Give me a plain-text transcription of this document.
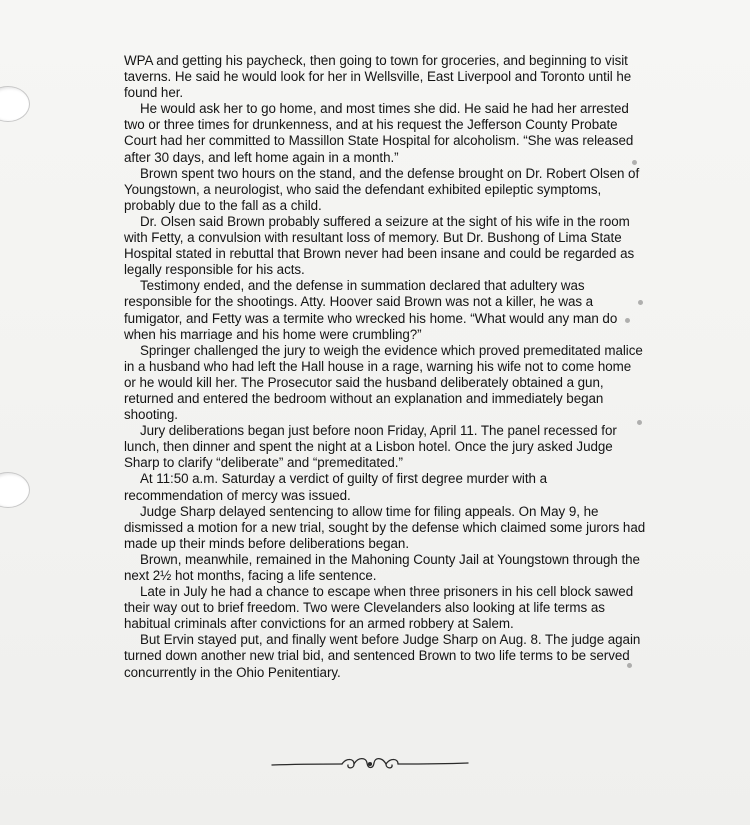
WPA and getting his paycheck, then going to town for groceries, and beginning to visit taverns. He said he would look for her in Wellsville, East Liverpool and Toronto until he found her.

He would ask her to go home, and most times she did. He said he had her arrested two or three times for drunkenness, and at his request the Jefferson County Probate Court had her committed to Massillon State Hospital for alcoholism. “She was released after 30 days, and left home again in a month.”

Brown spent two hours on the stand, and the defense brought on Dr. Robert Olsen of Youngstown, a neurologist, who said the defendant exhibited epileptic symptoms, probably due to the fall as a child.

Dr. Olsen said Brown probably suffered a seizure at the sight of his wife in the room with Fetty, a convulsion with resultant loss of memory. But Dr. Bushong of Lima State Hospital stated in rebuttal that Brown never had been insane and could be regarded as legally responsible for his acts.

Testimony ended, and the defense in summation declared that adultery was responsible for the shootings. Atty. Hoover said Brown was not a killer, he was a fumigator, and Fetty was a termite who wrecked his home. “What would any man do when his marriage and his home were crumbling?”

Springer challenged the jury to weigh the evidence which proved premeditated malice in a husband who had left the Hall house in a rage, warning his wife not to come home or he would kill her. The Prosecutor said the husband deliberately obtained a gun, returned and entered the bedroom without an explanation and immediately began shooting.

Jury deliberations began just before noon Friday, April 11. The panel recessed for lunch, then dinner and spent the night at a Lisbon hotel. Once the jury asked Judge Sharp to clarify “deliberate” and “premeditated.”

At 11:50 a.m. Saturday a verdict of guilty of first degree murder with a recommendation of mercy was issued.

Judge Sharp delayed sentencing to allow time for filing appeals. On May 9, he dismissed a motion for a new trial, sought by the defense which claimed some jurors had made up their minds before deliberations began.

Brown, meanwhile, remained in the Mahoning County Jail at Youngstown through the next 2½ hot months, facing a life sentence.

Late in July he had a chance to escape when three prisoners in his cell block sawed their way out to brief freedom. Two were Clevelanders also looking at life terms as habitual criminals after convictions for an armed robbery at Salem.

But Ervin stayed put, and finally went before Judge Sharp on Aug. 8. The judge again turned down another new trial bid, and sentenced Brown to two life terms to be served concurrently in the Ohio Penitentiary.
